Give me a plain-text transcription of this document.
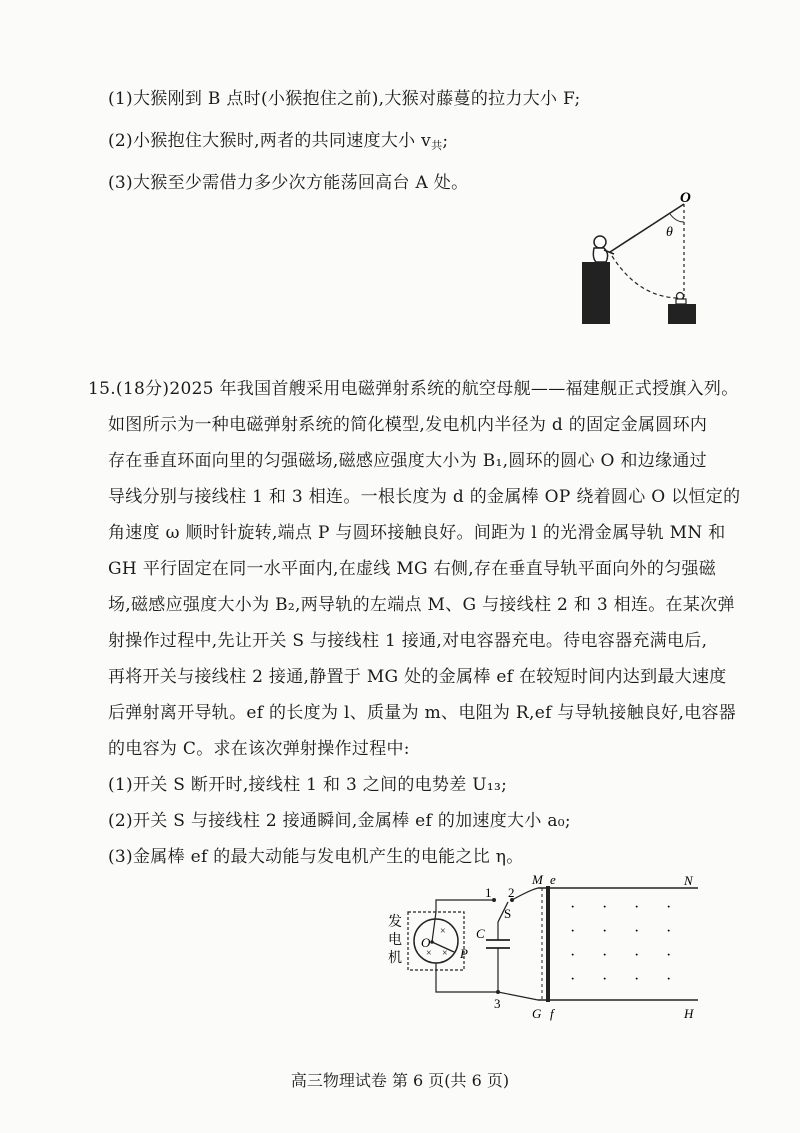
(1)大猴刚到 B 点时(小猴抱住之前),大猴对藤蔓的拉力大小 F;
(2)小猴抱住大猴时,两者的共同速度大小 $v_共$;
(3)大猴至少需借力多少次方能荡回高台 A 处。
O
θ
15.(18分)2025 年我国首艘采用电磁弹射系统的航空母舰——福建舰正式授旗入列。
如图所示为一种电磁弹射系统的简化模型,发电机内半径为 d 的固定金属圆环内
存在垂直环面向里的匀强磁场,磁感应强度大小为 B₁,圆环的圆心 O 和边缘通过
导线分别与接线柱 1 和 3 相连。一根长度为 d 的金属棒 OP 绕着圆心 O 以恒定的
角速度 ω 顺时针旋转,端点 P 与圆环接触良好。间距为 l 的光滑金属导轨 MN 和
GH 平行固定在同一水平面内,在虚线 MG 右侧,存在垂直导轨平面向外的匀强磁
场,磁感应强度大小为 B₂,两导轨的左端点 M、G 与接线柱 2 和 3 相连。在某次弹
射操作过程中,先让开关 S 与接线柱 1 接通,对电容器充电。待电容器充满电后,
再将开关与接线柱 2 接通,静置于 MG 处的金属棒 ef 在较短时间内达到最大速度
后弹射离开导轨。ef 的长度为 l、质量为 m、电阻为 R,ef 与导轨接触良好,电容器
的电容为 C。求在该次弹射操作过程中:
(1)开关 S 断开时,接线柱 1 和 3 之间的电势差 U₁₃;
(2)开关 S 与接线柱 2 接通瞬间,金属棒 ef 的加速度大小 a₀;
(3)金属棒 ef 的最大动能与发电机产生的电能之比 η。
发
电
机
×
× ×
O
P
1
S
2
C
3
M e	N
G f	H
· · · ·
· · · ·
· · · ·
· · · ·
高三物理试卷 第 6 页(共 6 页)
